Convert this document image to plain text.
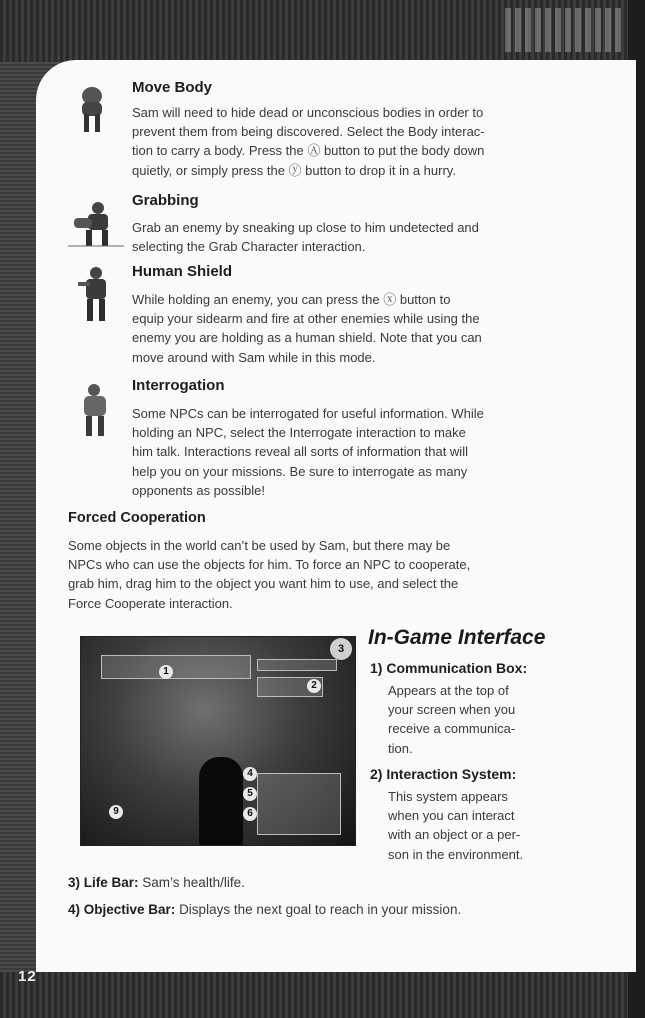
12
Move Body
Sam will need to hide dead or unconscious bodies in order to
prevent them from being discovered. Select the Body interac-
tion to carry a body. Press the Ⓐ button to put the body down
quietly, or simply press the ⓨ button to drop it in a hurry.
Grabbing
Grab an enemy by sneaking up close to him undetected and
selecting the Grab Character interaction.
Human Shield
While holding an enemy, you can press the ⓧ button to
equip your sidearm and fire at other enemies while using the
enemy you are holding as a human shield. Note that you can
move around with Sam while in this mode.
Interrogation
Some NPCs can be interrogated for useful information. While
holding an NPC, select the Interrogate interaction to make
him talk. Interactions reveal all sorts of information that will
help you on your missions. Be sure to interrogate as many
opponents as possible!
Forced Cooperation
Some objects in the world can’t be used by Sam, but there may be
NPCs who can use the objects for him. To force an NPC to cooperate,
grab him, drag him to the object you want him to use, and select the
Force Cooperate interaction.
1
2
4
5
6
9
3	In-Game Interface
1) Communication Box:
Appears at the top of
your screen when you
receive a communica-
tion.
2) Interaction System:
This system appears
when you can interact
with an object or a per-
son in the environment.
3) Life Bar: Sam’s health/life.
4) Objective Bar: Displays the next goal to reach in your mission.
